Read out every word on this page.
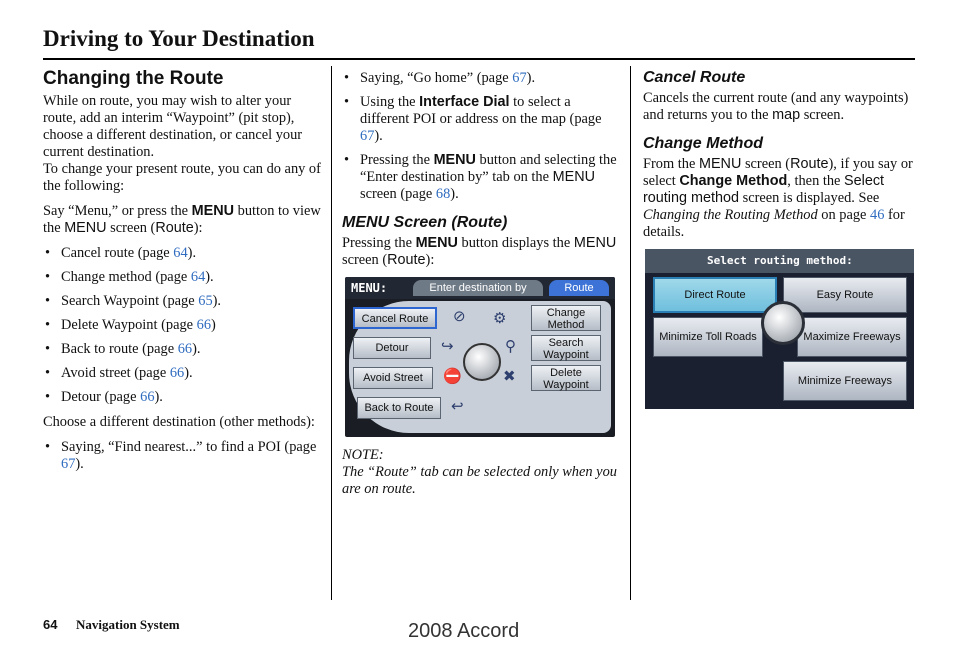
Driving to Your Destination
Changing the Route

While on route, you may wish to alter your route, add an interim “Waypoint” (pit stop), choose a different destination, or cancel your current destination.

To change your present route, you can do any of the following:

Say “Menu,” or press the MENU button to view the MENU screen (Route):

• Cancel route (page 64).
• Change method (page 64).
• Search Waypoint (page 65).
• Delete Waypoint (page 66)
• Back to route (page 66).
• Avoid street (page 66).
• Detour (page 66).

Choose a different destination (other methods):

• Saying, “Find nearest...” to find a POI (page 67).
• Saying, “Go home” (page 67).
• Using the Interface Dial to select a different POI or address on the map (page 67).
• Pressing the MENU button and selecting the “Enter destination by” tab on the MENU screen (page 68).
MENU Screen (Route)

Pressing the MENU button displays the MENU screen (Route):

MENU:	Enter destination by	Route
Cancel Route
Detour
Avoid Street
Back to Route
Change Method
Search Waypoint
Delete Waypoint
⊘ ⚙
↪	⚲
⛔	✖
↩

NOTE:

The “Route” tab can be selected only when you are on route.

Cancel Route

Cancels the current route (and any waypoints) and returns you to the map screen.

Change Method

From the MENU screen (Route), if you say or select Change Method, then the Select routing method screen is displayed. See Changing the Routing Method on page 46 for details.

Select routing method:
Direct Route	Easy Route
Minimize Toll Roads	Maximize Freeways
Minimize Freeways
64 Navigation System	2008 Accord
